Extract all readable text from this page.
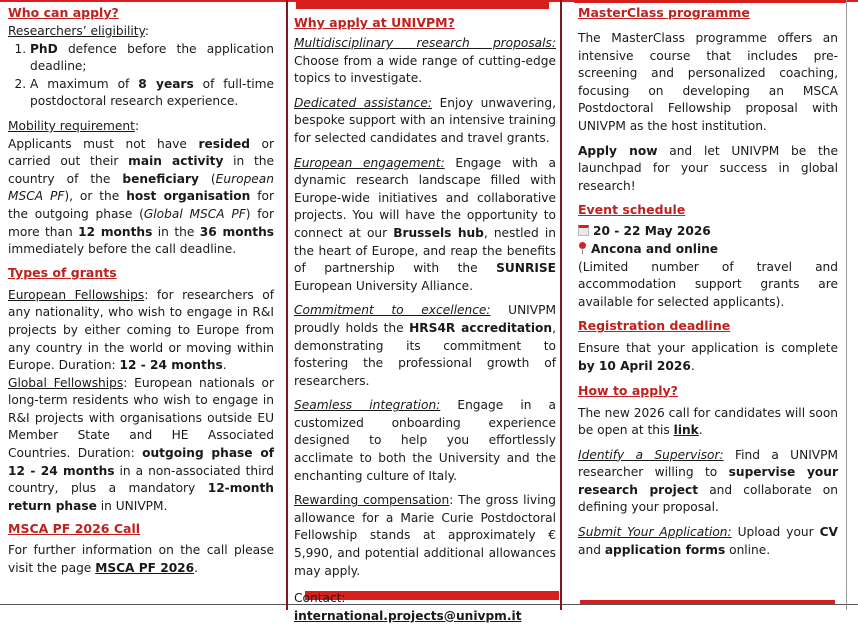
Who can apply?

Researchers’ eligibility:

1. PhD defence before the application deadline;
2. A maximum of 8 years of full-time postdoctoral research experience.

Mobility requirement:

Applicants must not have resided or carried out their main activity in the country of the beneficiary (European MSCA PF), or the host organisation for the outgoing phase (Global MSCA PF) for more than 12 months in the 36 months immediately before the call deadline.

Types of grants

European Fellowships: for researchers of any nationality, who wish to engage in R&I projects by either coming to Europe from any country in the world or moving within Europe. Duration: 12 - 24 months.

Global Fellowships: European nationals or long-term residents who wish to engage in R&I projects with organisations outside EU Member State and HE Associated Countries. Duration: outgoing phase of 12 - 24 months in a non-associated third country, plus a mandatory 12-month return phase in UNIVPM.

MSCA PF 2026 Call

For further information on the call please visit the page MSCA PF 2026.

Why apply at UNIVPM?

Multidisciplinary research proposals: Choose from a wide range of cutting-edge topics to investigate.

Dedicated assistance: Enjoy unwavering, bespoke support with an intensive training for selected candidates and travel grants.

European engagement: Engage with a dynamic research landscape filled with Europe-wide initiatives and collaborative projects. You will have the opportunity to connect at our Brussels hub, nestled in the heart of Europe, and reap the benefits of partnership with the SUNRISE European University Alliance.

Commitment to excellence: UNIVPM proudly holds the HRS4R accreditation, demonstrating its commitment to fostering the professional growth of researchers.

Seamless integration: Engage in a customized onboarding experience designed to help you effortlessly acclimate to both the University and the enchanting culture of Italy.

Rewarding compensation: The gross living allowance for a Marie Curie Postdoctoral Fellowship stands at approximately € 5,990, and potential additional allowances may apply.

Contact: international.projects@univpm.it

MasterClass programme

The MasterClass programme offers an intensive course that includes pre-screening and personalized coaching, focusing on developing an MSCA Postdoctoral Fellowship proposal with UNIVPM as the host institution.

Apply now and let UNIVPM be the launchpad for your success in global research!

Event schedule

20 - 22 May 2026

Ancona and online

(Limited number of travel and accommodation support grants are available for selected applicants).

Registration deadline

Ensure that your application is complete by 10 April 2026.

How to apply?

The new 2026 call for candidates will soon be open at this link.

Identify a Supervisor: Find a UNIVPM researcher willing to supervise your research project and collaborate on defining your proposal.

Submit Your Application: Upload your CV and application forms online.
